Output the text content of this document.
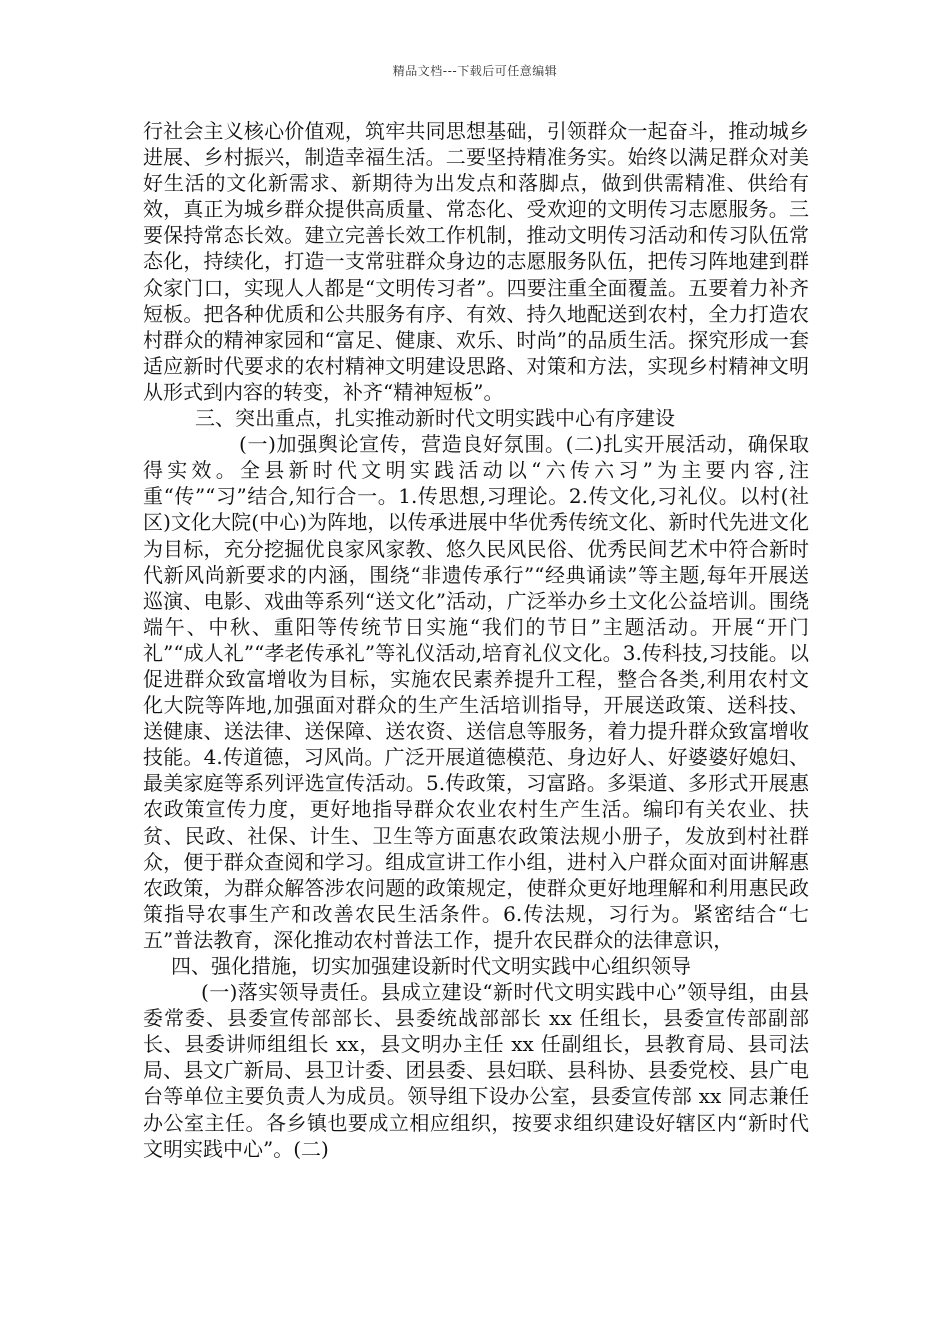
精品文档---下载后可任意编辑

行社会主义核心价值观，筑牢共同思想基础，引领群众一起奋斗，推动城乡进展、乡村振兴，制造幸福生活。二要坚持精准务实。始终以满足群众对美好生活的文化新需求、新期待为出发点和落脚点，做到供需精准、供给有效，真正为城乡群众提供高质量、常态化、受欢迎的文明传习志愿服务。三要保持常态长效。建立完善长效工作机制，推动文明传习活动和传习队伍常态化，持续化，打造一支常驻群众身边的志愿服务队伍，把传习阵地建到群众家门口，实现人人都是“文明传习者”。四要注重全面覆盖。五要着力补齐短板。把各种优质和公共服务有序、有效、持久地配送到农村，全力打造农村群众的精神家园和“富足、健康、欢乐、时尚”的品质生活。探究形成一套适应新时代要求的农村精神文明建设思路、对策和方法，实现乡村精神文明从形式到内容的转变，补齐“精神短板”。

三、突出重点，扎实推动新时代文明实践中心有序建设

(一)加强舆论宣传，营造良好氛围。(二)扎实开展活动，确保取得实效。全县新时代文明实践活动以“六传六习”为主要内容,注重“传”“习”结合,知行合一。1.传思想,习理论。2.传文化,习礼仪。以村(社区)文化大院(中心)为阵地，以传承进展中华优秀传统文化、新时代先进文化为目标，充分挖掘优良家风家教、悠久民风民俗、优秀民间艺术中符合新时代新风尚新要求的内涵，围绕“非遗传承行”“经典诵读”等主题,每年开展送巡演、电影、戏曲等系列“送文化”活动，广泛举办乡土文化公益培训。围绕端午、中秋、重阳等传统节日实施“我们的节日”主题活动。开展“开门礼”“成人礼”“孝老传承礼”等礼仪活动,培育礼仪文化。3.传科技,习技能。以促进群众致富增收为目标，实施农民素养提升工程，整合各类,利用农村文化大院等阵地,加强面对群众的生产生活培训指导，开展送政策、送科技、送健康、送法律、送保障、送农资、送信息等服务，着力提升群众致富增收技能。4.传道德，习风尚。广泛开展道德模范、身边好人、好婆婆好媳妇、最美家庭等系列评选宣传活动。5.传政策，习富路。多渠道、多形式开展惠农政策宣传力度，更好地指导群众农业农村生产生活。编印有关农业、扶贫、民政、社保、计生、卫生等方面惠农政策法规小册子，发放到村社群众，便于群众查阅和学习。组成宣讲工作小组，进村入户群众面对面讲解惠农政策，为群众解答涉农问题的政策规定，使群众更好地理解和利用惠民政策指导农事生产和改善农民生活条件。6.传法规，习行为。紧密结合“七五”普法教育，深化推动农村普法工作，提升农民群众的法律意识，

四、强化措施，切实加强建设新时代文明实践中心组织领导

(一)落实领导责任。县成立建设“新时代文明实践中心”领导组，由县委常委、县委宣传部部长、县委统战部部长 xx 任组长，县委宣传部副部长、县委讲师组组长 xx，县文明办主任 xx 任副组长，县教育局、县司法局、县文广新局、县卫计委、团县委、县妇联、县科协、县委党校、县广电台等单位主要负责人为成员。领导组下设办公室，县委宣传部 xx 同志兼任办公室主任。各乡镇也要成立相应组织，按要求组织建设好辖区内“新时代文明实践中心”。(二)
